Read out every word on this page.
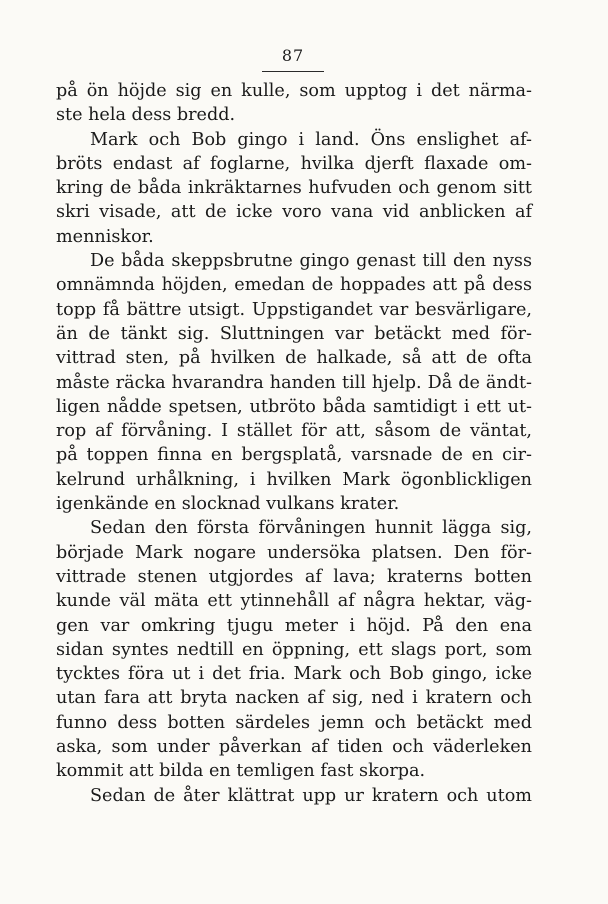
87
på ön höjde sig en kulle, som upptog i det närma-
ste hela dess bredd.
Mark och Bob gingo i land. Öns enslighet af-
bröts endast af foglarne, hvilka djerft flaxade om-
kring de båda inkräktarnes hufvuden och genom sitt
skri visade, att de icke voro vana vid anblicken af
menniskor.
De båda skeppsbrutne gingo genast till den nyss
omnämnda höjden, emedan de hoppades att på dess
topp få bättre utsigt. Uppstigandet var besvärligare,
än de tänkt sig. Sluttningen var betäckt med för-
vittrad sten, på hvilken de halkade, så att de ofta
måste räcka hvarandra handen till hjelp. Då de ändt-
ligen nådde spetsen, utbröto båda samtidigt i ett ut-
rop af förvåning. I stället för att, såsom de väntat,
på toppen finna en bergsplatå, varsnade de en cir-
kelrund urhålkning, i hvilken Mark ögonblickligen
igenkände en slocknad vulkans krater.
Sedan den första förvåningen hunnit lägga sig,
började Mark nogare undersöka platsen. Den för-
vittrade stenen utgjordes af lava; kraterns botten
kunde väl mäta ett ytinnehåll af några hektar, väg-
gen var omkring tjugu meter i höjd. På den ena
sidan syntes nedtill en öppning, ett slags port, som
tycktes föra ut i det fria. Mark och Bob gingo, icke
utan fara att bryta nacken af sig, ned i kratern och
funno dess botten särdeles jemn och betäckt med
aska, som under påverkan af tiden och väderleken
kommit att bilda en temligen fast skorpa.
Sedan de åter klättrat upp ur kratern och utom
